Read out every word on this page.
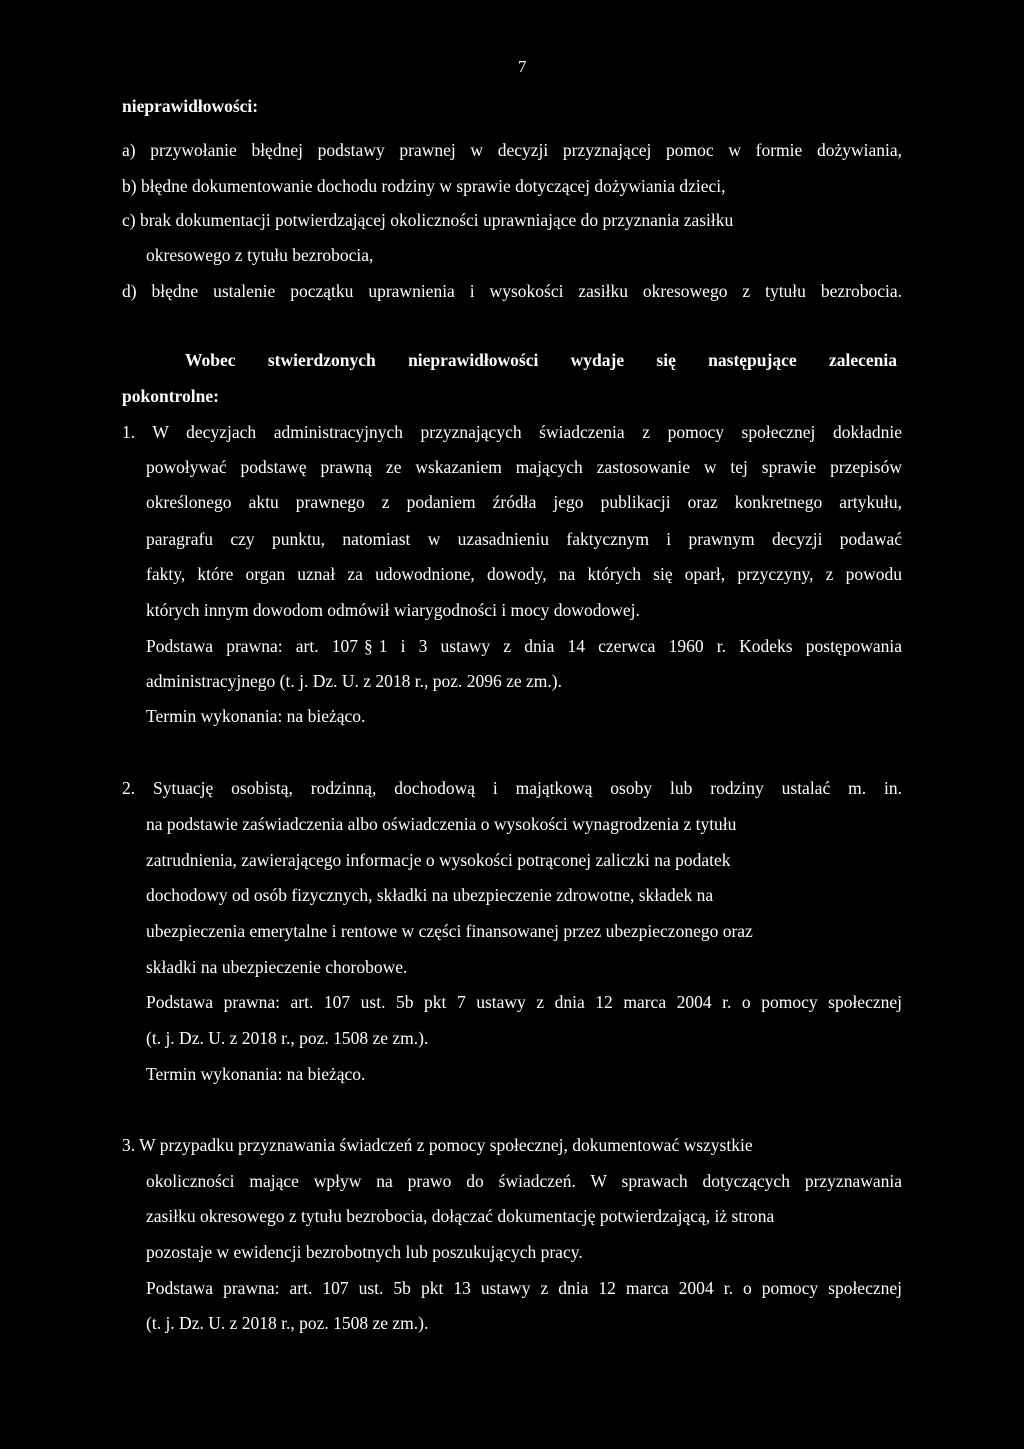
7
nieprawidłowości:
a) przywołanie błędnej podstawy prawnej w decyzji przyznającej pomoc w formie dożywiania,
b) błędne dokumentowanie dochodu rodziny w sprawie dotyczącej dożywiania dzieci,
c) brak dokumentacji potwierdzającej okoliczności uprawniające do przyznania zasiłku
okresowego z tytułu bezrobocia,
d) błędne ustalenie początku uprawnienia i wysokości zasiłku okresowego z tytułu bezrobocia.
Wobec stwierdzonych nieprawidłowości wydaje się następujące zalecenia
pokontrolne:
1. W decyzjach administracyjnych przyznających świadczenia z pomocy społecznej dokładnie
powoływać podstawę prawną ze wskazaniem mających zastosowanie w tej sprawie przepisów
określonego aktu prawnego z podaniem źródła jego publikacji oraz konkretnego artykułu,
paragrafu czy punktu, natomiast w uzasadnieniu faktycznym i prawnym decyzji podawać
fakty, które organ uznał za udowodnione, dowody, na których się oparł, przyczyny, z powodu
których innym dowodom odmówił wiarygodności i mocy dowodowej.
Podstawa prawna: art. 107 § 1 i 3 ustawy z dnia 14 czerwca 1960 r. Kodeks postępowania
administracyjnego (t. j. Dz. U. z 2018 r., poz. 2096 ze zm.).
Termin wykonania: na bieżąco.
2. Sytuację osobistą, rodzinną, dochodową i majątkową osoby lub rodziny ustalać m. in.
na podstawie zaświadczenia albo oświadczenia o wysokości wynagrodzenia z tytułu
zatrudnienia, zawierającego informacje o wysokości potrąconej zaliczki na podatek
dochodowy od osób fizycznych, składki na ubezpieczenie zdrowotne, składek na
ubezpieczenia emerytalne i rentowe w części finansowanej przez ubezpieczonego oraz
składki na ubezpieczenie chorobowe.
Podstawa prawna: art. 107 ust. 5b pkt 7 ustawy z dnia 12 marca 2004 r. o pomocy społecznej
(t. j. Dz. U. z 2018 r., poz. 1508 ze zm.).
Termin wykonania: na bieżąco.
3. W przypadku przyznawania świadczeń z pomocy społecznej, dokumentować wszystkie
okoliczności mające wpływ na prawo do świadczeń. W sprawach dotyczących przyznawania
zasiłku okresowego z tytułu bezrobocia, dołączać dokumentację potwierdzającą, iż strona
pozostaje w ewidencji bezrobotnych lub poszukujących pracy.
Podstawa prawna: art. 107 ust. 5b pkt 13 ustawy z dnia 12 marca 2004 r. o pomocy społecznej
(t. j. Dz. U. z 2018 r., poz. 1508 ze zm.).
